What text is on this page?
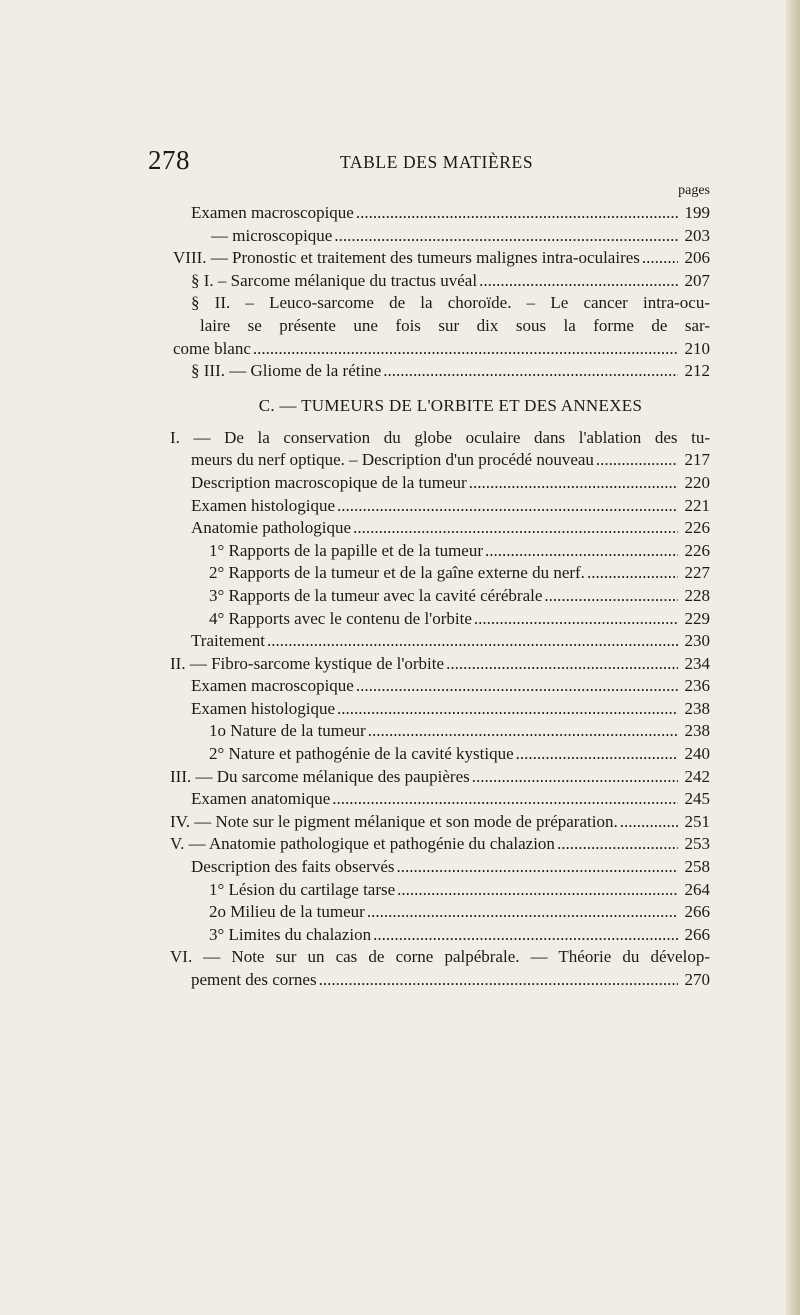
278	TABLE DES MATIÈRES
pages
Examen macroscopique .....	199
— microscopique .....	203
VIII. — Pronostic et traitement des tumeurs malignes intra-oculaires .....	206
§ I. – Sarcome mélanique du tractus uvéal .....	207
§ II. – Leuco-sarcome de la choroïde. – Le cancer intra-ocu-
laire se présente une fois sur dix sous la forme de sar-
come blanc .....	210
§ III. — Gliome de la rétine .....	212
C. — TUMEURS DE L'ORBITE ET DES ANNEXES
I. — De la conservation du globe oculaire dans l'ablation des tu-
meurs du nerf optique. – Description d'un procédé nouveau .....	217
Description macroscopique de la tumeur .....	220
Examen histologique .....	221
Anatomie pathologique .....	226
1° Rapports de la papille et de la tumeur .....	226
2° Rapports de la tumeur et de la gaîne externe du nerf. .....	227
3° Rapports de la tumeur avec la cavité cérébrale .....	228
4° Rapports avec le contenu de l'orbite .....	229
Traitement .....	230
II. — Fibro-sarcome kystique de l'orbite .....	234
Examen macroscopique .....	236
Examen histologique .....	238
1o Nature de la tumeur .....	238
2° Nature et pathogénie de la cavité kystique .....	240
III. — Du sarcome mélanique des paupières .....	242
Examen anatomique .....	245
IV. — Note sur le pigment mélanique et son mode de préparation. .....	251
V. — Anatomie pathologique et pathogénie du chalazion .....	253
Description des faits observés .....	258
1° Lésion du cartilage tarse .....	264
2o Milieu de la tumeur .....	266
3° Limites du chalazion .....	266
VI. — Note sur un cas de corne palpébrale. — Théorie du dévelop-
pement des cornes .....	270
